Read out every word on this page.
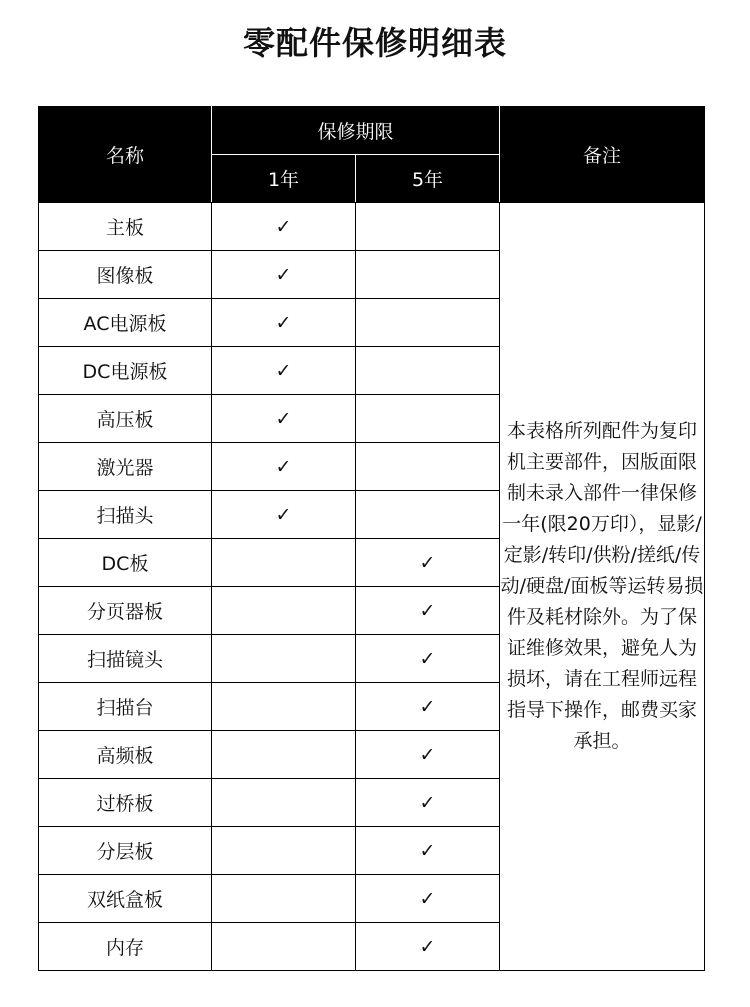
零配件保修明细表
名称	保修期限		备注
	1年	5年	
主板	✓		本表格所列配件为复印机主要部件，因版面限制未录入部件一律保修一年(限20万印），显影/定影/转印/供粉/搓纸/传动/硬盘/面板等运转易损件及耗材除外。为了保证维修效果，避免人为损坏，请在工程师远程指导下操作，邮费买家承担。
图像板	✓		
AC电源板	✓		
DC电源板	✓		
高压板	✓		
激光器	✓		
扫描头	✓		
DC板		✓	
分页器板		✓	
扫描镜头		✓	
扫描台		✓	
高频板		✓	
过桥板		✓	
分层板		✓	
双纸盒板		✓	
内存		✓	
